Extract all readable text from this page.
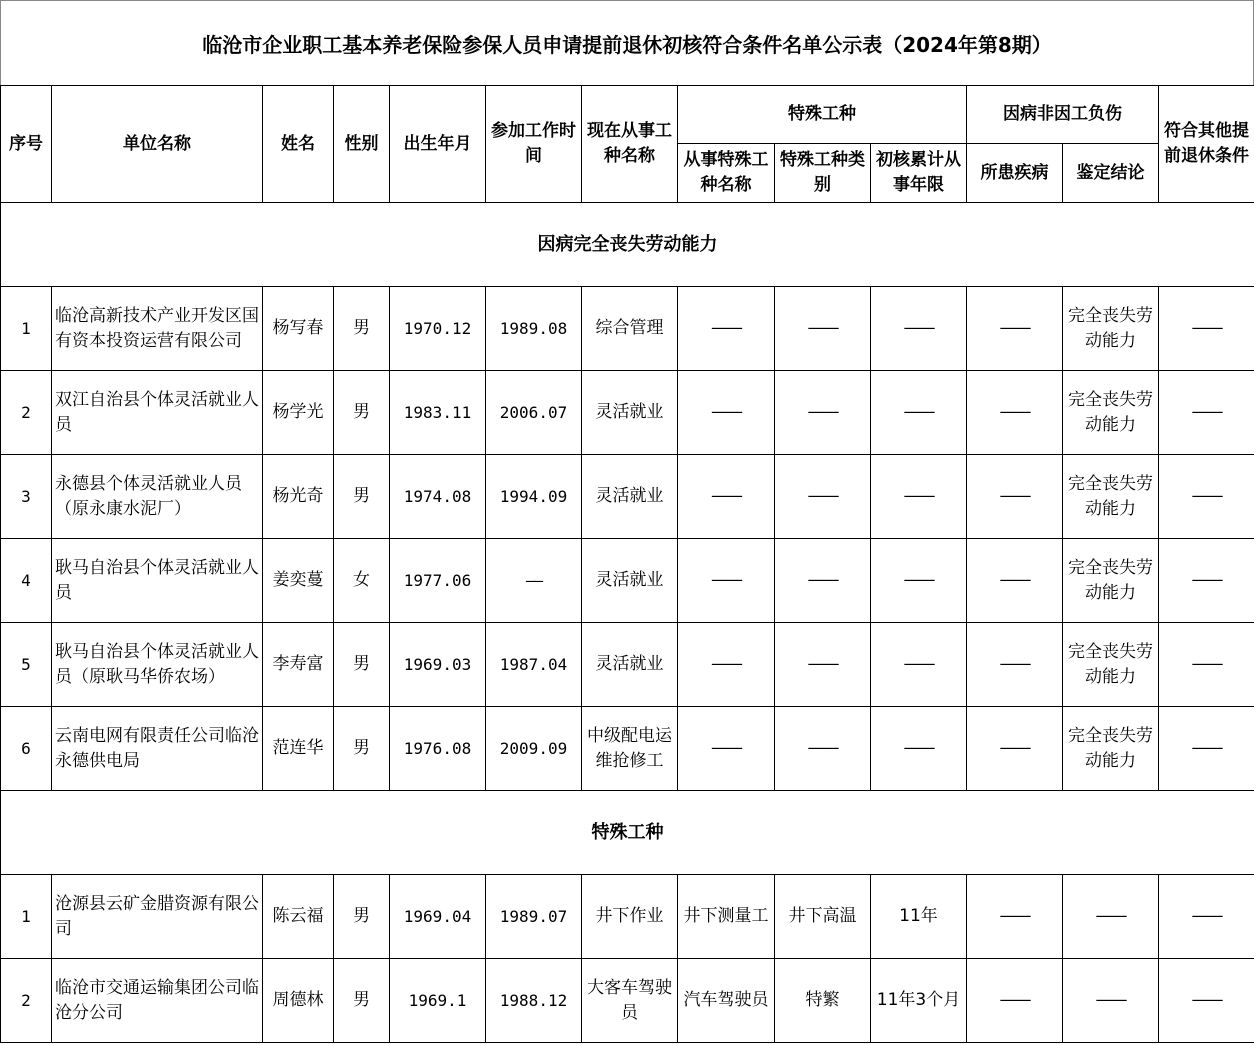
临沧市企业职工基本养老保险参保人员申请提前退休初核符合条件名单公示表（2024年第8期）
序号	单位名称	姓名	性别	出生年月	参加工作时间	现在从事工种名称	特殊工种			因病非因工负伤		符合其他提前退休条件
							从事特殊工种名称	特殊工种类别	初核累计从事年限	所患疾病	鉴定结论	
因病完全丧失劳动能力												
1	临沧高新技术产业开发区国有资本投资运营有限公司	杨写春	男	1970.12	1989.08	综合管理	——	——	——	——	完全丧失劳动能力	——
2	双江自治县个体灵活就业人员	杨学光	男	1983.11	2006.07	灵活就业	——	——	——	——	完全丧失劳动能力	——
3	永德县个体灵活就业人员（原永康水泥厂）	杨光奇	男	1974.08	1994.09	灵活就业	——	——	——	——	完全丧失劳动能力	——
4	耿马自治县个体灵活就业人员	姜奕蔓	女	1977.06	——	灵活就业	——	——	——	——	完全丧失劳动能力	——
5	耿马自治县个体灵活就业人员（原耿马华侨农场）	李寿富	男	1969.03	1987.04	灵活就业	——	——	——	——	完全丧失劳动能力	——
6	云南电网有限责任公司临沧永德供电局	范连华	男	1976.08	2009.09	中级配电运维抢修工	——	——	——	——	完全丧失劳动能力	——
特殊工种												
1	沧源县云矿金腊资源有限公司	陈云福	男	1969.04	1989.07	井下作业	井下测量工	井下高温	11年	——	——	——
2	临沧市交通运输集团公司临沧分公司	周德林	男	1969.1	1988.12	大客车驾驶员	汽车驾驶员	特繁	11年3个月	——	——	——
